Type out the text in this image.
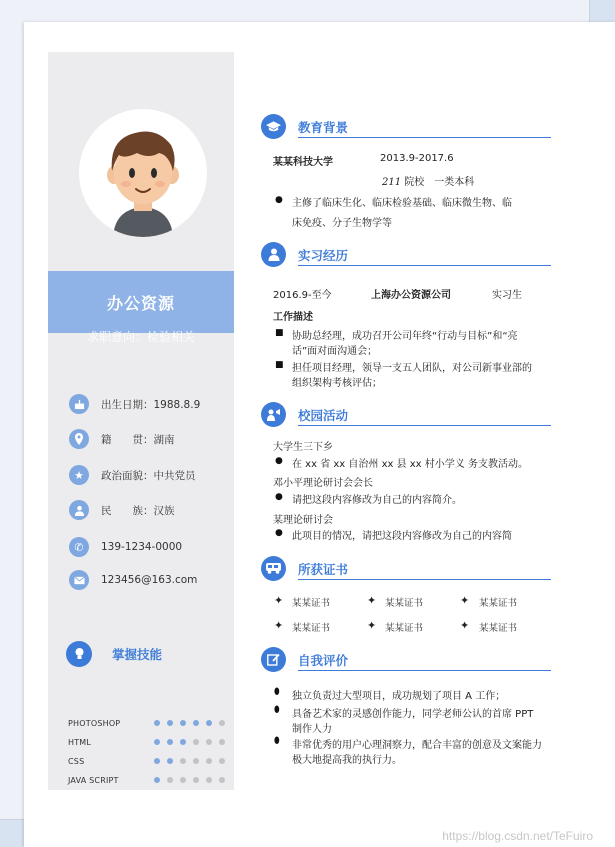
办公资源
求职意向：检验相关
出生日期：1988.8.9
籍　　贯：湖南
★	政治面貌：中共党员
民　　族：汉族
✆	139-1234-0000
123456@163.com
掌握技能
PHOTOSHOP
HTML
CSS
JAVA SCRIPT
教育背景
某某科技大学	2013.9-2017.6
211 院校　一类本科
● 主修了临床生化、临床检验基础、临床微生物、临
床免疫、分子生物学等
实习经历
2016.9-至今	上海办公资源公司	实习生
工作描述
■ 协助总经理，成功召开公司年终“行动与目标”和“亮
话”面对面沟通会；
■ 担任项目经理，领导一支五人团队，对公司新事业部的
组织架构考核评估；
校园活动
大学生三下乡
● 在 xx 省 xx 自治州 xx 县 xx 村小学义 务支教活动。
邓小平理论研讨会会长
● 请把这段内容修改为自己的内容简介。
某理论研讨会
● 此项目的情况，请把这段内容修改为自己的内容简
所获证书
✦ 某某证书	✦ 某某证书	✦ 某某证书
✦ 某某证书	✦ 某某证书	✦ 某某证书
自我评价
⬮ 独立负责过大型项目，成功规划了项目 A 工作；
⬮ 具备艺术家的灵感创作能力，同学老师公认的首席 PPT
制作人力
⬮ 非常优秀的用户心理洞察力，配合丰富的创意及文案能力
极大地提高我的执行力。
https://blog.csdn.net/TeFuiro
